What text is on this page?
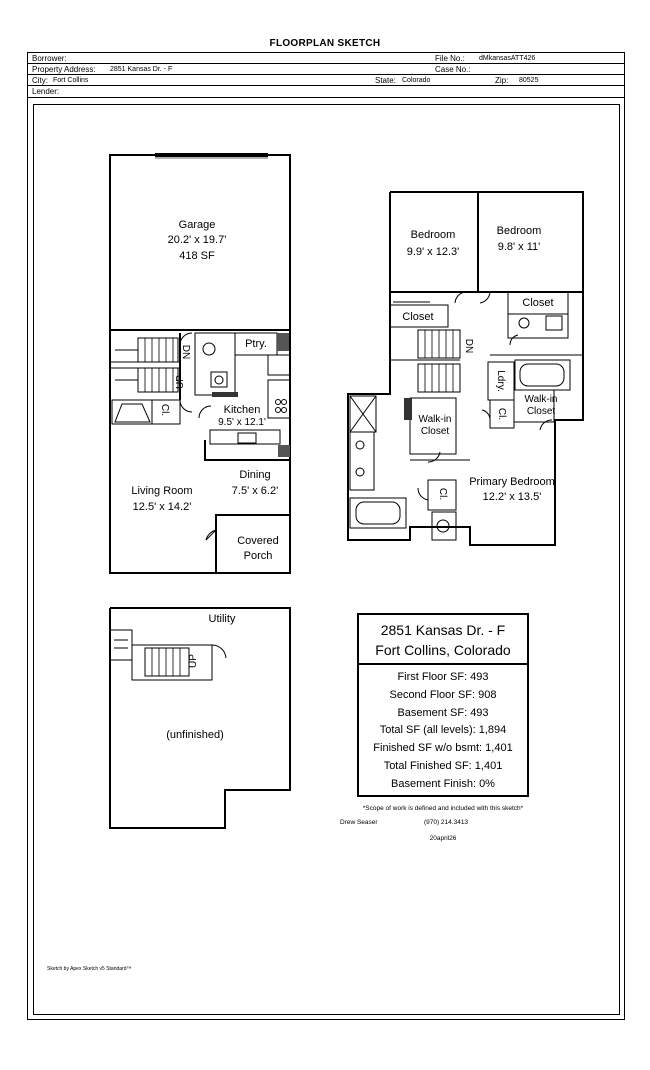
FLOORPLAN SKETCH
Borrower:	File No.: dMkansasATT426
Property Address: 2851 Kansas Dr. - F	Case No.:
City: Fort Collins	State: Colorado	Zip: 80525
Lender:
Garage
20.2' x 19.7'
418 SF
Ptry.
Kitchen
9.5' x 12.1'
Dining
7.5' x 6.2'
Living Room
12.5' x 14.2'
Covered
Porch
DN
UP
Cl.
Bedroom
9.9' x 12.3'
Bedroom
9.8' x 11'
Closet
Closet
DN
Ldry.
Cl.
Cl.
Walk-in
Closet
Walk-in
Closet
Primary Bedroom
12.2' x 13.5'
Utility
(unfinished)
UP
2851 Kansas Dr. - F
Fort Collins, Colorado
First Floor SF: 493
Second Floor SF: 908
Basement SF: 493
Total SF (all levels): 1,894
Finished SF w/o bsmt: 1,401
Total Finished SF: 1,401
Basement Finish: 0%
*Scope of work is defined and included with this sketch*
Drew Seaser	(970) 214.3413
20april26
Sketch by Apex Sketch v5 Standard™
